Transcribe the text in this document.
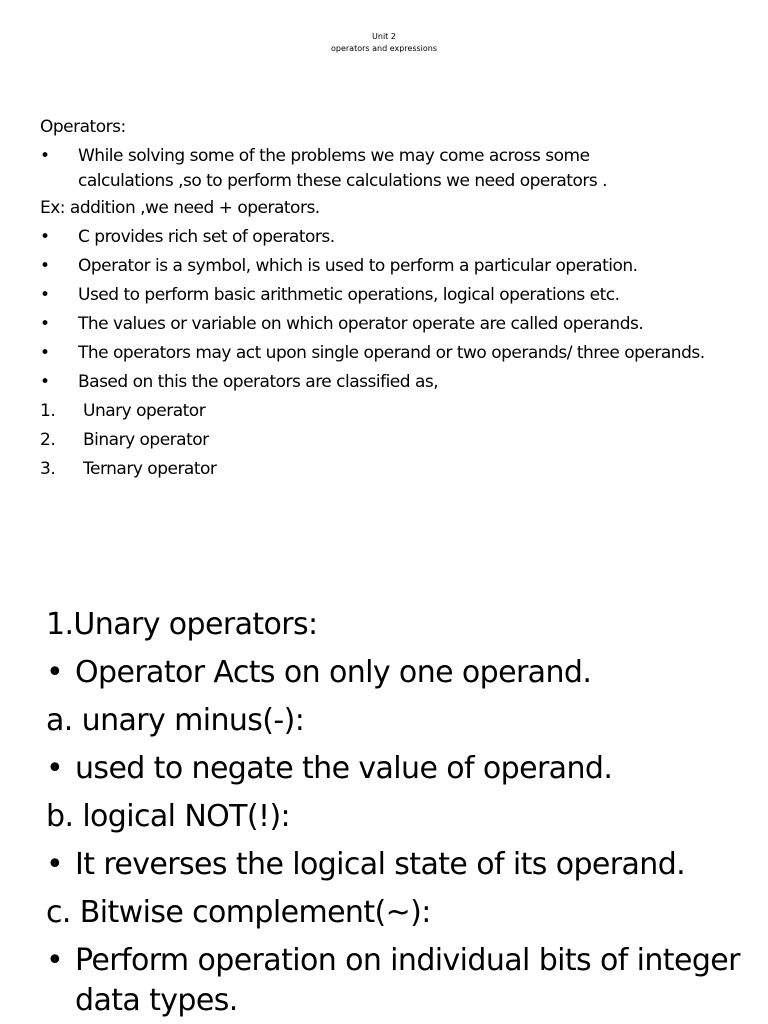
Unit 2
operators and expressions
Operators:
•	While solving some of the problems we may come across some
calculations ,so to perform these calculations we need operators .
Ex: addition ,we need + operators.
•	C provides rich set of operators.
•	Operator is a symbol, which is used to perform a particular operation.
•	Used to perform basic arithmetic operations, logical operations etc.
•	The values or variable on which operator operate are called operands.
•	The operators may act upon single operand or two operands/ three operands.
•	Based on this the operators are classified as,
1.	Unary operator
2.	Binary operator
3.	Ternary operator
1.Unary operators:
• Operator Acts on only one operand.
a. unary minus(-):
• used to negate the value of operand.
b. logical NOT(!):
• It reverses the logical state of its operand.
c. Bitwise complement(~):
• Perform operation on individual bits of integer
data types.
